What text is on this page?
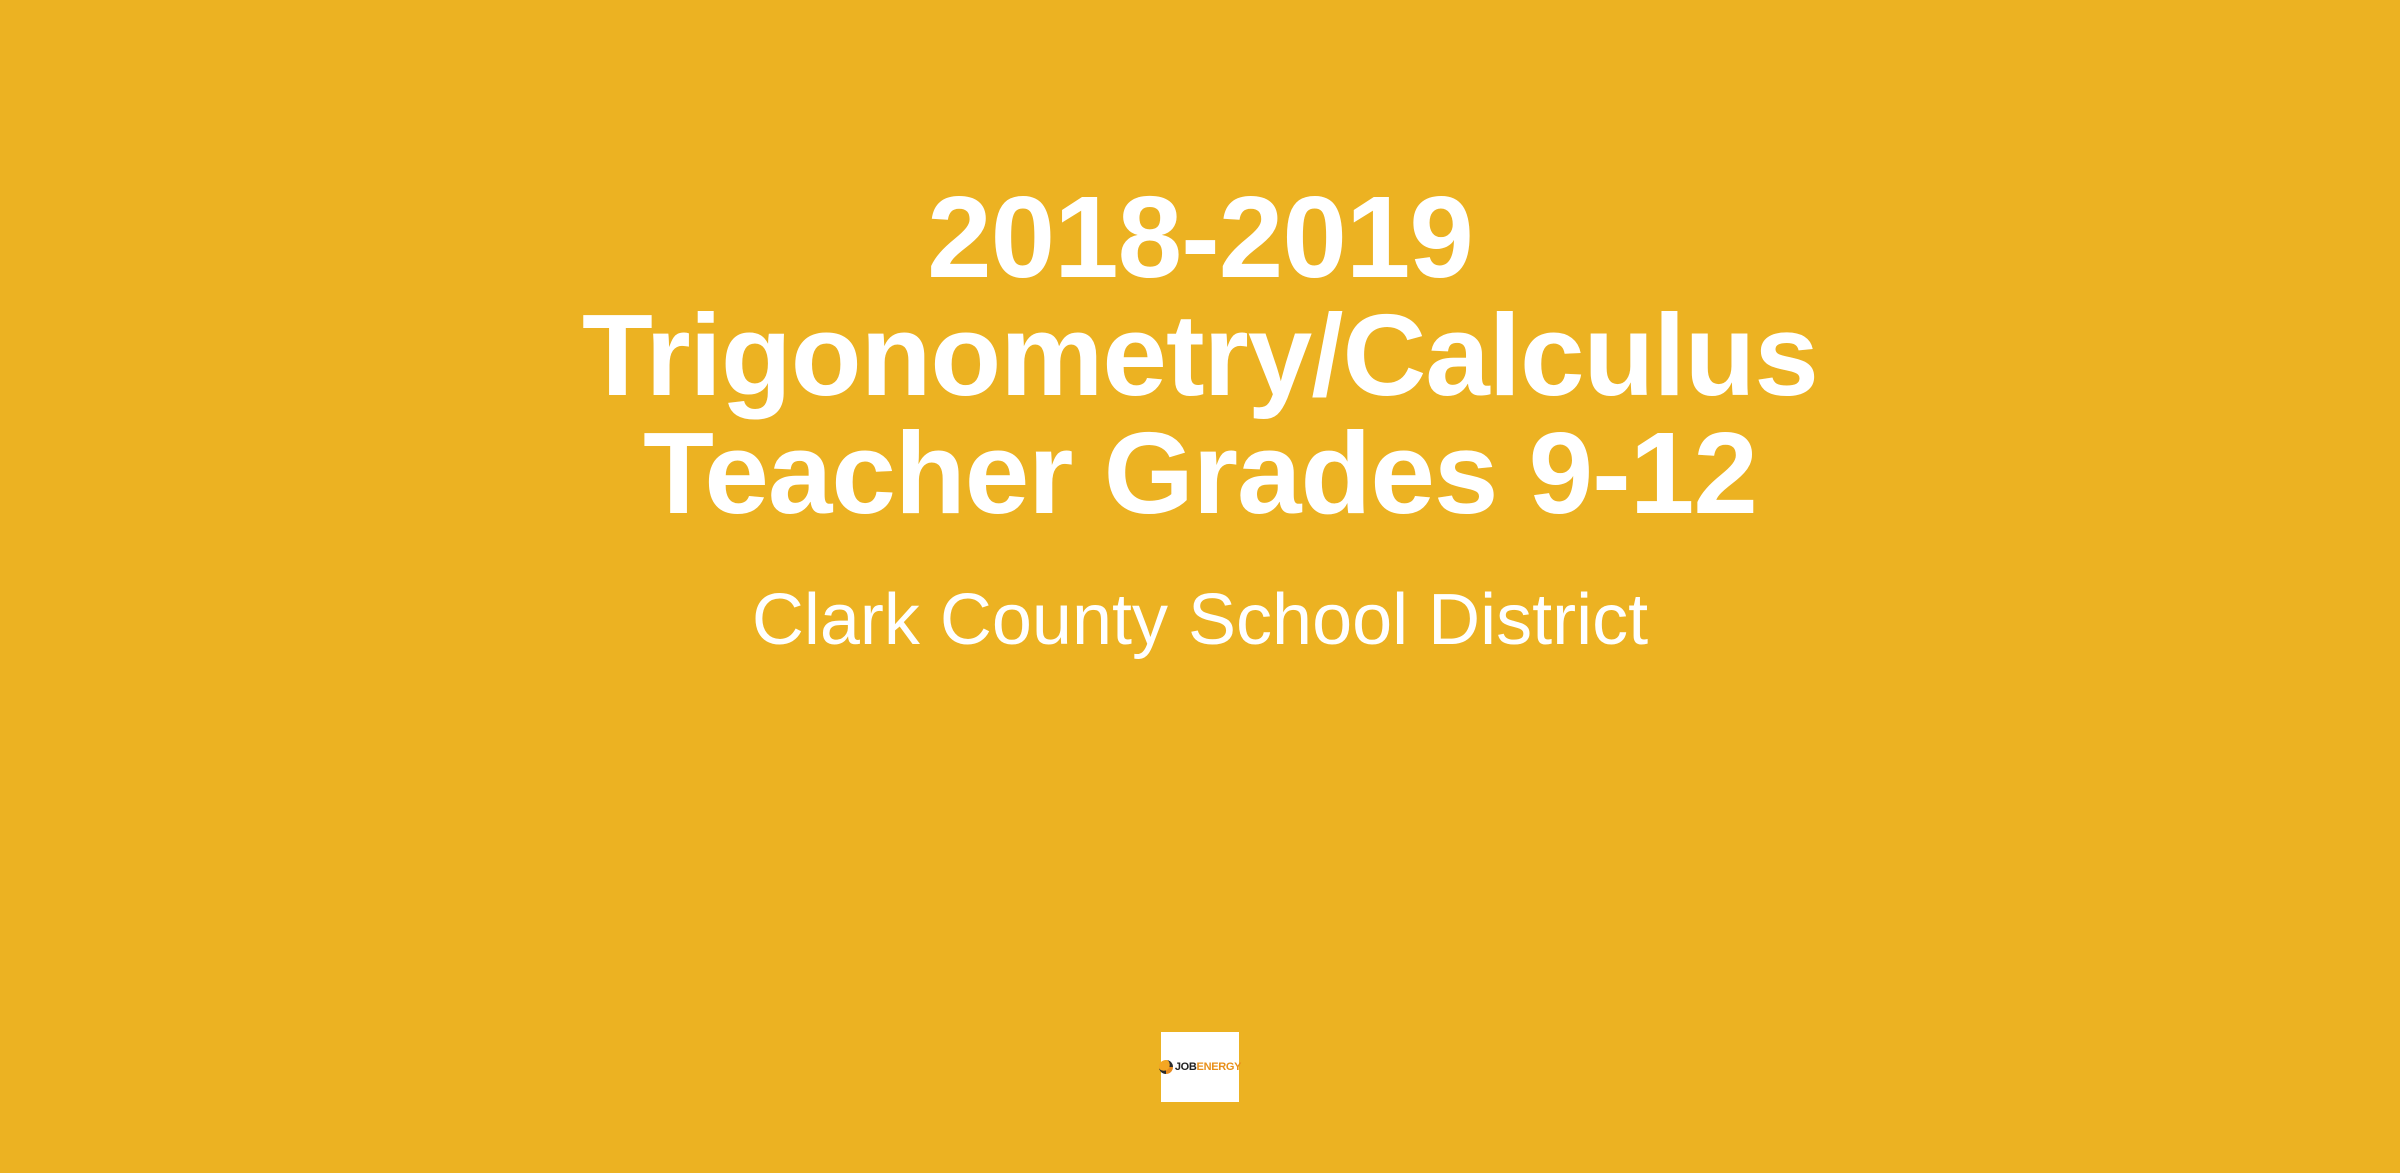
2018-2019
Trigonometry/Calculus
Teacher Grades 9-12
Clark County School District
JOB ENERGY
